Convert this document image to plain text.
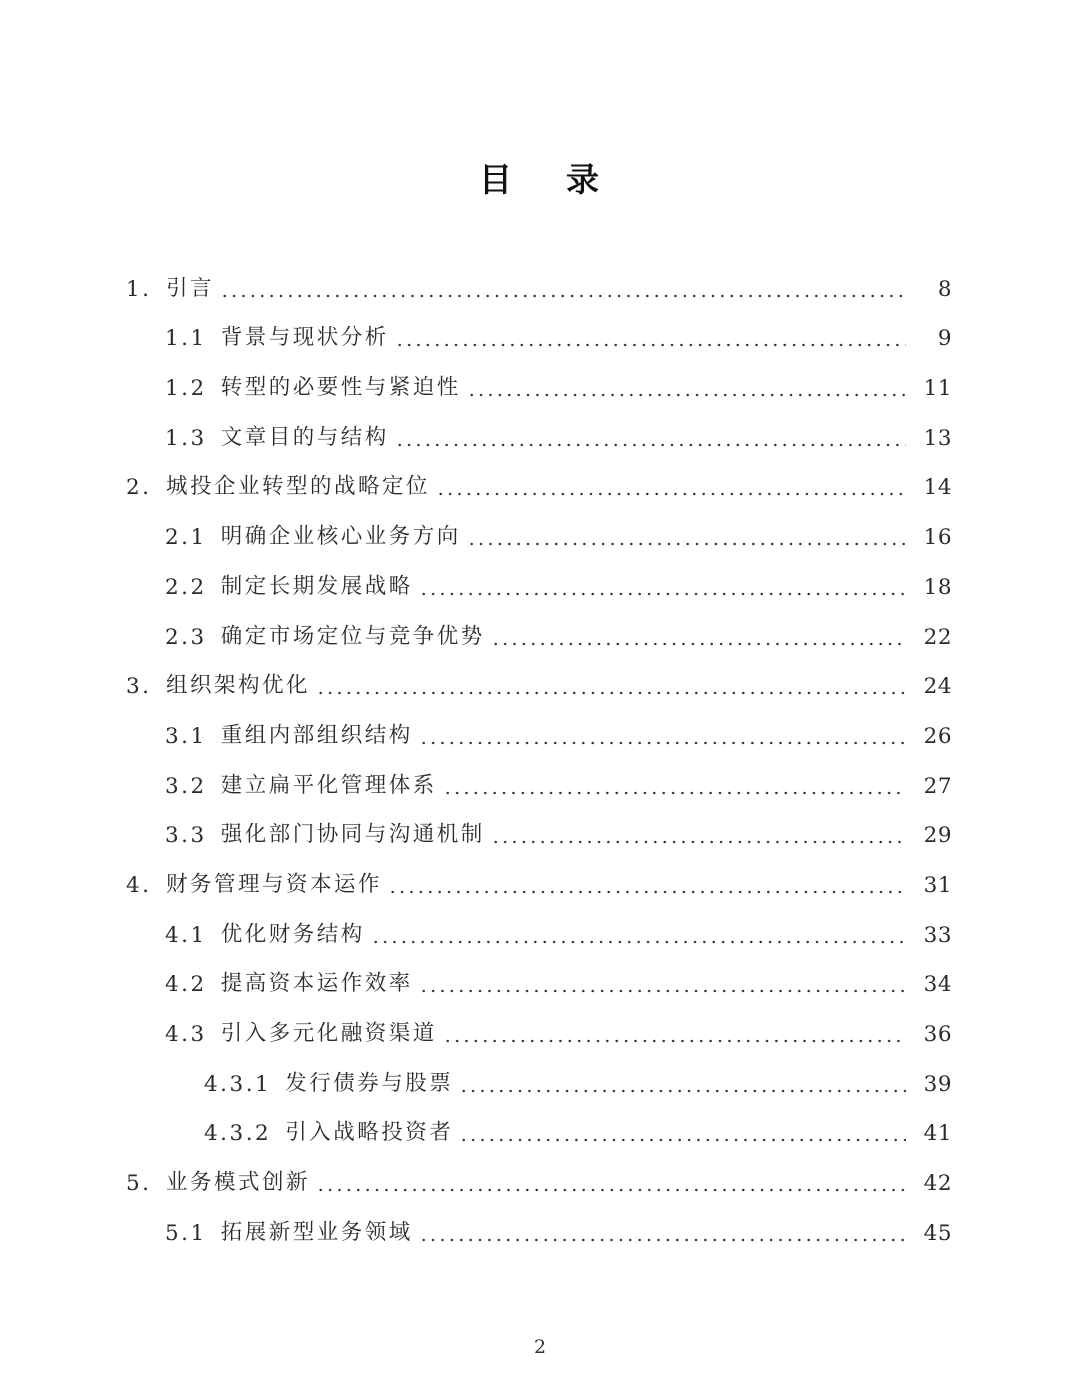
目 录
1. 引言	8
1.1 背景与现状分析	9
1.2 转型的必要性与紧迫性	11
1.3 文章目的与结构	13
2. 城投企业转型的战略定位	14
2.1 明确企业核心业务方向	16
2.2 制定长期发展战略	18
2.3 确定市场定位与竞争优势	22
3. 组织架构优化	24
3.1 重组内部组织结构	26
3.2 建立扁平化管理体系	27
3.3 强化部门协同与沟通机制	29
4. 财务管理与资本运作	31
4.1 优化财务结构	33
4.2 提高资本运作效率	34
4.3 引入多元化融资渠道	36
4.3.1 发行债券与股票	39
4.3.2 引入战略投资者	41
5. 业务模式创新	42
5.1 拓展新型业务领域	45
2
